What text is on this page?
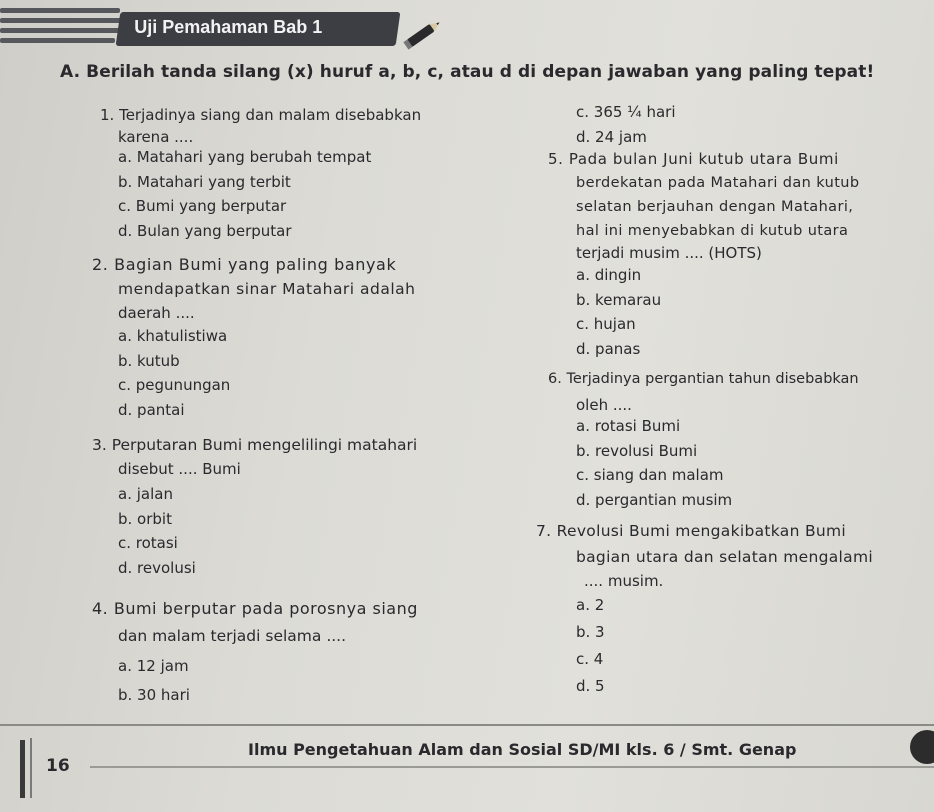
Uji Pemahaman Bab 1
A. Berilah tanda silang (x) huruf a, b, c, atau d di depan jawaban yang paling tepat!
1. Terjadinya siang dan malam disebabkan
karena ....
a. Matahari yang berubah tempat
b. Matahari yang terbit
c. Bumi yang berputar
d. Bulan yang berputar
2. Bagian Bumi yang paling banyak
mendapatkan sinar Matahari adalah
daerah ....
a. khatulistiwa
b. kutub
c. pegunungan
d. pantai
3. Perputaran Bumi mengelilingi matahari
disebut .... Bumi
a. jalan
b. orbit
c. rotasi
d. revolusi
4. Bumi berputar pada porosnya siang
dan malam terjadi selama ....
a. 12 jam
b. 30 hari
c. 365 ¼ hari
d. 24 jam
5. Pada bulan Juni kutub utara Bumi
berdekatan pada Matahari dan kutub
selatan berjauhan dengan Matahari,
hal ini menyebabkan di kutub utara
terjadi musim .... (HOTS)
a. dingin
b. kemarau
c. hujan
d. panas
6. Terjadinya pergantian tahun disebabkan
oleh ....
a. rotasi Bumi
b. revolusi Bumi
c. siang dan malam
d. pergantian musim
7. Revolusi Bumi mengakibatkan Bumi
bagian utara dan selatan mengalami
.... musim.
a. 2
b. 3
c. 4
d. 5
16
Ilmu Pengetahuan Alam dan Sosial SD/MI kls. 6 / Smt. Genap
